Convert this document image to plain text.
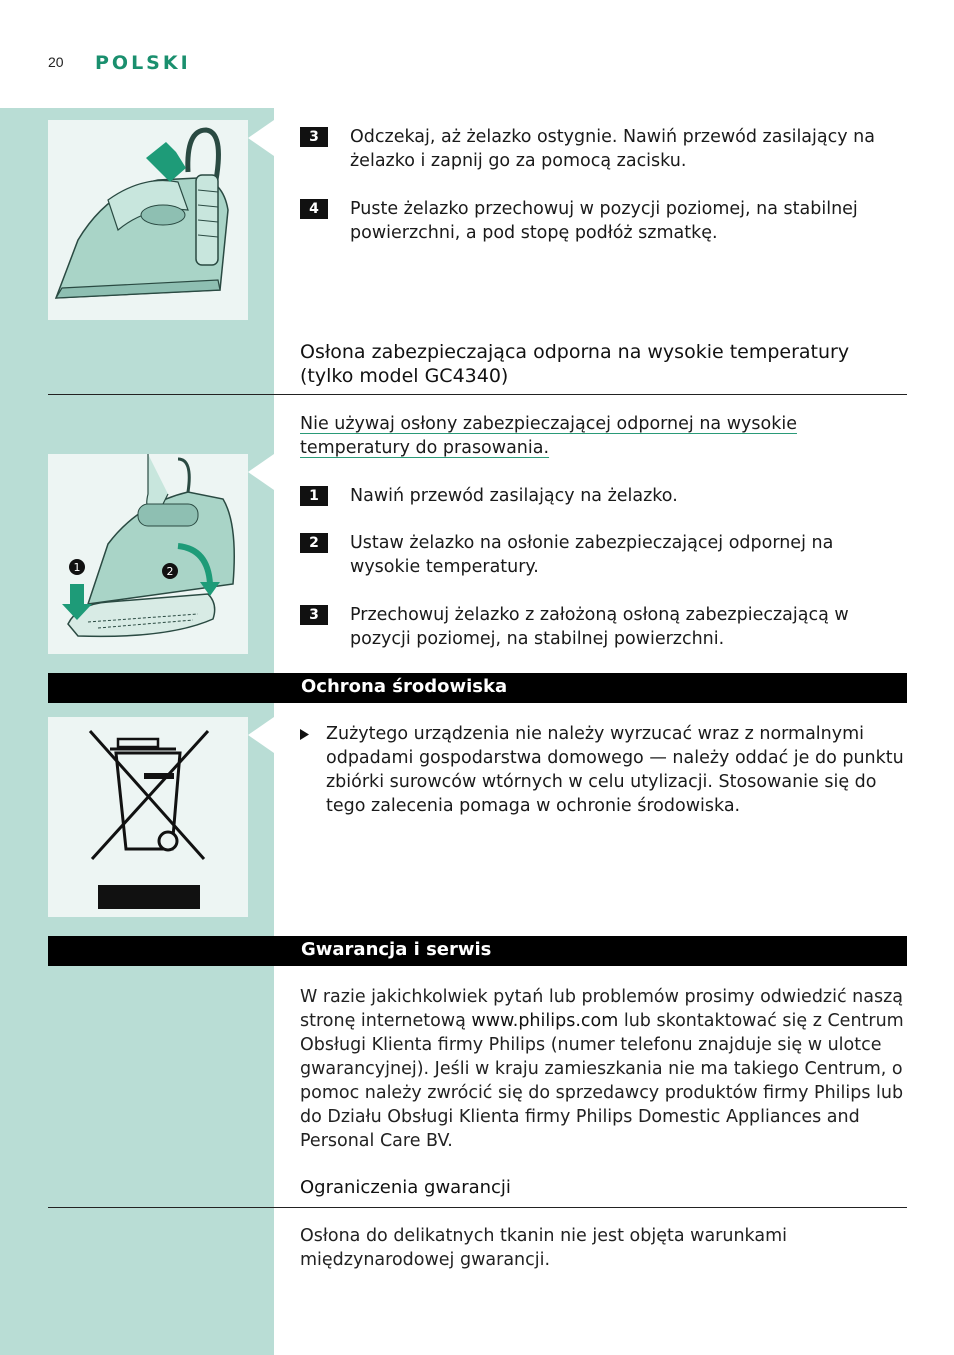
20 POLSKI
3	Odczekaj, aż żelazko ostygnie. Nawiń przewód zasilający na żelazko i zapnij go za pomocą zacisku.
4	Puste żelazko przechowuj w pozycji poziomej, na stabilnej powierzchni, a pod stopę podłóż szmatkę.
Osłona zabezpieczająca odporna na wysokie temperatury (tylko model GC4340)
Nie używaj osłony zabezpieczającej odpornej na wysokie temperatury do prasowania.
1	2
1	Nawiń przewód zasilający na żelazko.
2	Ustaw żelazko na osłonie zabezpieczającej odpornej na wysokie temperatury.
3	Przechowuj żelazko z założoną osłoną zabezpieczającą w pozycji poziomej, na stabilnej powierzchni.
Ochrona środowiska
Zużytego urządzenia nie należy wyrzucać wraz z normalnymi odpadami gospodarstwa domowego — należy oddać je do punktu zbiórki surowców wtórnych w celu utylizacji. Stosowanie się do tego zalecenia pomaga w ochronie środowiska.
Gwarancja i serwis
W razie jakichkolwiek pytań lub problemów prosimy odwiedzić naszą stronę internetową www.philips.com lub skontaktować się z Centrum Obsługi Klienta firmy Philips (numer telefonu znajduje się w ulotce gwarancyjnej). Jeśli w kraju zamieszkania nie ma takiego Centrum, o pomoc należy zwrócić się do sprzedawcy produktów firmy Philips lub do Działu Obsługi Klienta firmy Philips Domestic Appliances and Personal Care BV.
Ograniczenia gwarancji
Osłona do delikatnych tkanin nie jest objęta warunkami międzynarodowej gwarancji.
